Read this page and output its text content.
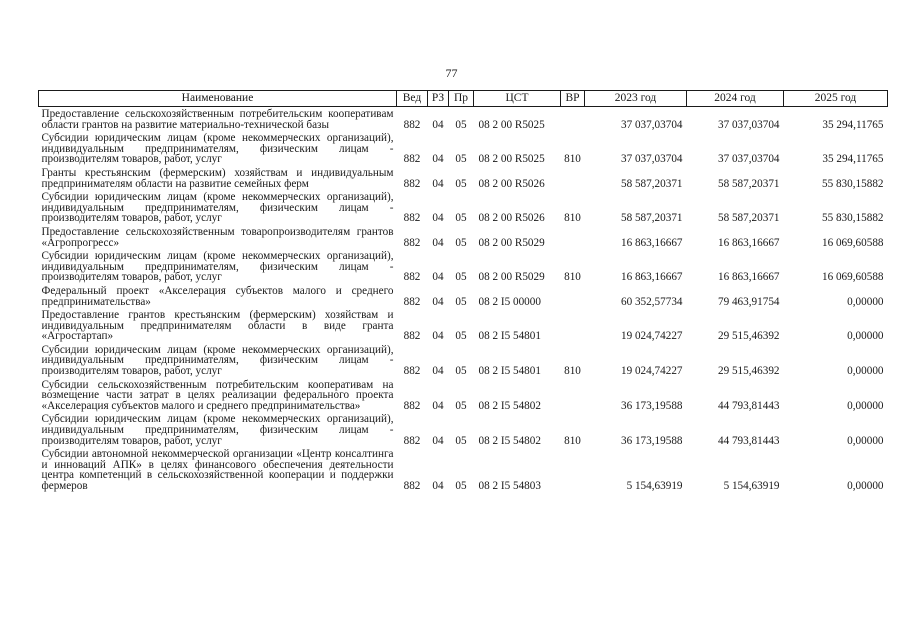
77
Наименование	Вед	РЗ	Пр	ЦСТ	ВР	2023 год	2024 год	2025 год
Предоставление сельскохозяйственным потребительским кооперативам области грантов на развитие материально-технической базы	882	04	05	08 2 00 R5025		37 037,03704	37 037,03704	35 294,11765
Субсидии юридическим лицам (кроме некоммерческих организаций), индивидуальным предпринимателям, физическим лицам - производителям товаров, работ, услуг	882	04	05	08 2 00 R5025	810	37 037,03704	37 037,03704	35 294,11765
Гранты крестьянским (фермерским) хозяйствам и индивидуальным предпринимателям области на развитие семейных ферм	882	04	05	08 2 00 R5026		58 587,20371	58 587,20371	55 830,15882
Субсидии юридическим лицам (кроме некоммерческих организаций), индивидуальным предпринимателям, физическим лицам - производителям товаров, работ, услуг	882	04	05	08 2 00 R5026	810	58 587,20371	58 587,20371	55 830,15882
Предоставление сельскохозяйственным товаропроизводителям грантов «Агропрогресс»	882	04	05	08 2 00 R5029		16 863,16667	16 863,16667	16 069,60588
Субсидии юридическим лицам (кроме некоммерческих организаций), индивидуальным предпринимателям, физическим лицам - производителям товаров, работ, услуг	882	04	05	08 2 00 R5029	810	16 863,16667	16 863,16667	16 069,60588
Федеральный проект «Акселерация субъектов малого и среднего предпринимательства»	882	04	05	08 2 I5 00000		60 352,57734	79 463,91754	0,00000
Предоставление грантов крестьянским (фермерским) хозяйствам и индивидуальным предпринимателям области в виде гранта «Агростартап»	882	04	05	08 2 I5 54801		19 024,74227	29 515,46392	0,00000
Субсидии юридическим лицам (кроме некоммерческих организаций), индивидуальным предпринимателям, физическим лицам - производителям товаров, работ, услуг	882	04	05	08 2 I5 54801	810	19 024,74227	29 515,46392	0,00000
Субсидии сельскохозяйственным потребительским кооперативам на возмещение части затрат в целях реализации федерального проекта «Акселерация субъектов малого и среднего предпринимательства»	882	04	05	08 2 I5 54802		36 173,19588	44 793,81443	0,00000
Субсидии юридическим лицам (кроме некоммерческих организаций), индивидуальным предпринимателям, физическим лицам - производителям товаров, работ, услуг	882	04	05	08 2 I5 54802	810	36 173,19588	44 793,81443	0,00000
Субсидии автономной некоммерческой организации «Центр консалтинга и инноваций АПК» в целях финансового обеспечения деятельности центра компетенций в сельскохозяйственной кооперации и поддержки фермеров	882	04	05	08 2 I5 54803		5 154,63919	5 154,63919	0,00000
